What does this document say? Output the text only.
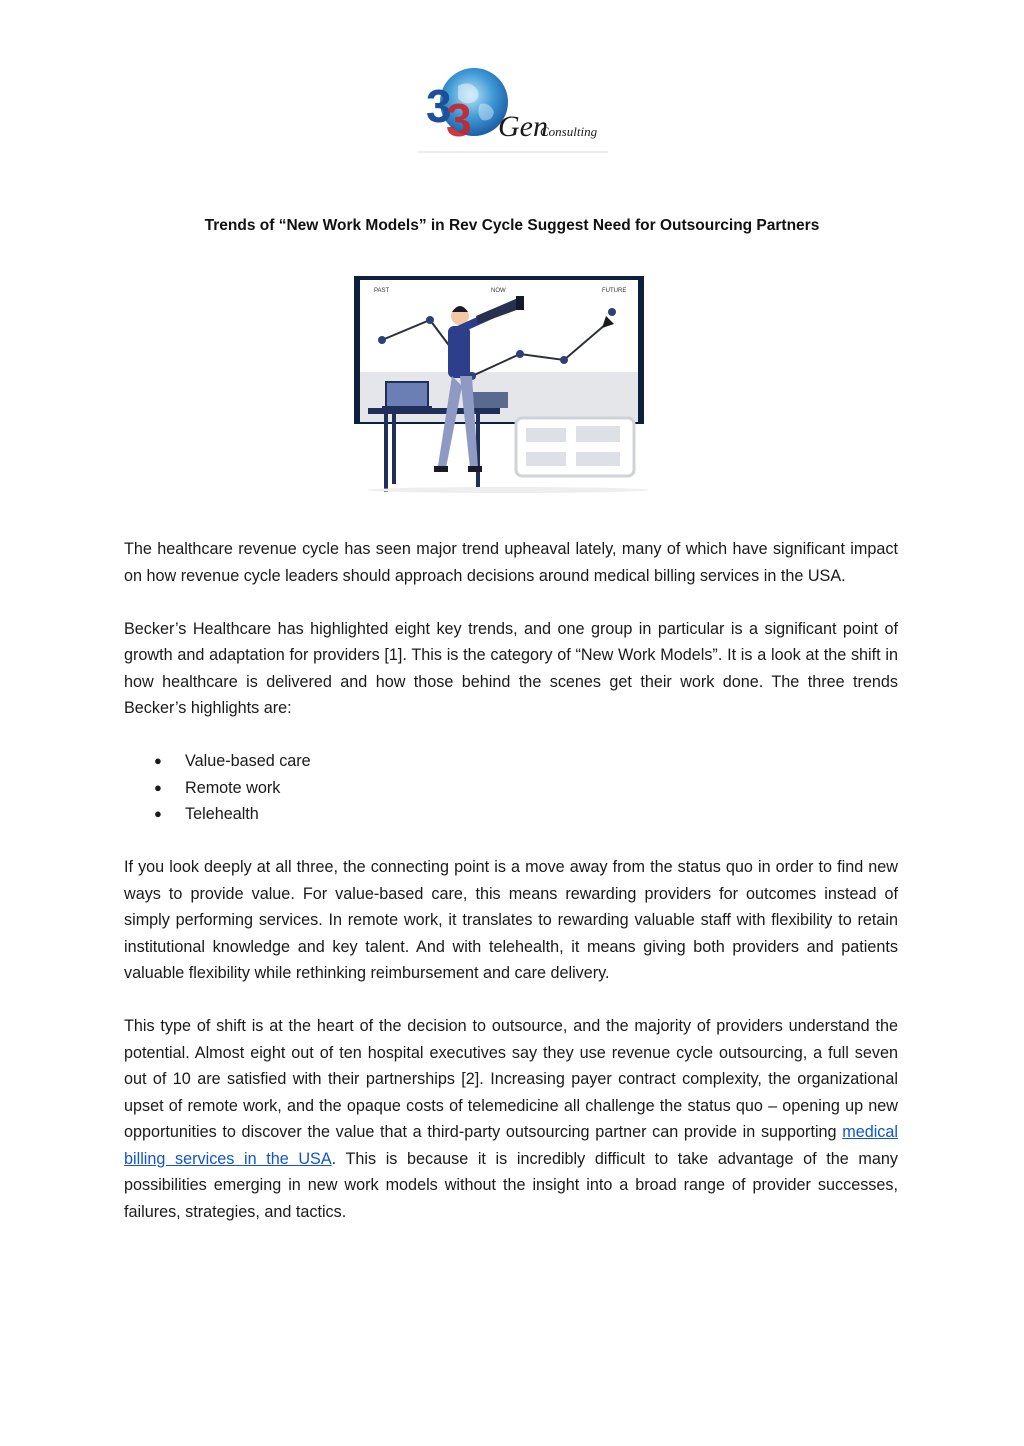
3
3 Gen
Consulting
Trends of “New Work Models” in Rev Cycle Suggest Need for Outsourcing Partners
PAST	NOW	FUTURE

The healthcare revenue cycle has seen major trend upheaval lately, many of which have significant impact on how revenue cycle leaders should approach decisions around medical billing services in the USA.

Becker’s Healthcare has highlighted eight key trends, and one group in particular is a significant point of growth and adaptation for providers [1]. This is the category of “New Work Models”. It is a look at the shift in how healthcare is delivered and how those behind the scenes get their work done. The three trends Becker’s highlights are:

● Value-based care
● Remote work
● Telehealth

If you look deeply at all three, the connecting point is a move away from the status quo in order to find new ways to provide value. For value-based care, this means rewarding providers for outcomes instead of simply performing services. In remote work, it translates to rewarding valuable staff with flexibility to retain institutional knowledge and key talent. And with telehealth, it means giving both providers and patients valuable flexibility while rethinking reimbursement and care delivery.

This type of shift is at the heart of the decision to outsource, and the majority of providers understand the potential. Almost eight out of ten hospital executives say they use revenue cycle outsourcing, a full seven out of 10 are satisfied with their partnerships [2]. Increasing payer contract complexity, the organizational upset of remote work, and the opaque costs of telemedicine all challenge the status quo – opening up new opportunities to discover the value that a third-party outsourcing partner can provide in supporting medical billing services in the USA. This is because it is incredibly difficult to take advantage of the many possibilities emerging in new work models without the insight into a broad range of provider successes, failures, strategies, and tactics.
